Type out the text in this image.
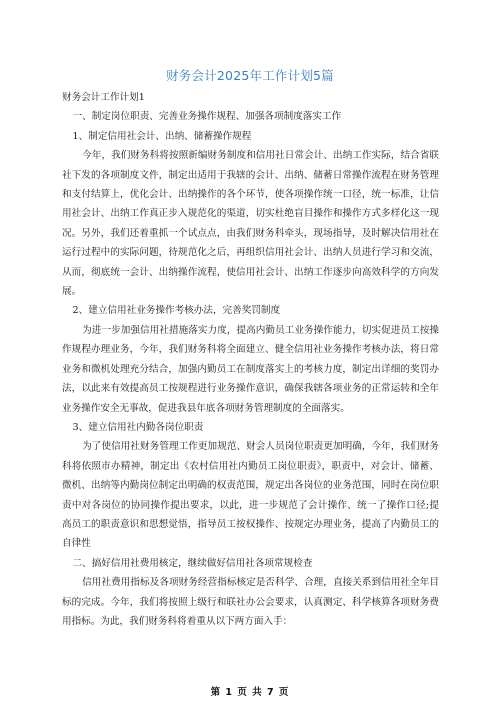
财务会计2025年工作计划5篇

财务会计工作计划1

一、制定岗位职责、完善业务操作规程、加强各项制度落实工作

1、制定信用社会计、出纳、储蓄操作规程

今年，我们财务科将按照新编财务制度和信用社日常会计、出纳工作实际，结合省联社下发的各项制度文件，制定出适用于我辖的会计、出纳、储蓄日常操作流程在财务管理和支付结算上，优化会计、出纳操作的各个环节，使各项操作统一口径，统一标准，让信用社会计、出纳工作真正步入规范化的渠道，切实杜绝盲目操作和操作方式多样化这一现况。另外，我们还着重抓一个试点点，由我们财务科牵头，现场指导，及时解决信用社在运行过程中的实际问题，待规范化之后，再组织信用社会计、出纳人员进行学习和交流，从而，彻底统一会计、出纳操作流程，使信用社会计、出纳工作逐步向高效科学的方向发展。

2、建立信用社业务操作考核办法，完善奖罚制度

为进一步加强信用社措施落实力度，提高内勤员工业务操作能力，切实促进员工按操作规程办理业务，今年，我们财务科将全面建立、健全信用社业务操作考核办法，将日常业务和微机处理充分结合，加强内勤员工在制度落实上的考核力度，制定出详细的奖罚办法，以此来有效提高员工按规程进行业务操作意识，确保我辖各项业务的正常运转和全年业务操作安全无事故，促进我县年底各项财务管理制度的全面落实。

3、建立信用社内勤各岗位职责

为了使信用社财务管理工作更加规范、财会人员岗位职责更加明确，今年，我们财务科将依照市办精神，制定出《农村信用社内勤员工岗位职责》，职责中，对会计、储蓄、微机、出纳等内勤岗位制定出明确的权责范围，规定出各岗位的业务范围，同时在岗位职责中对各岗位的协同操作提出要求，以此，进一步规范了会计操作、统一了操作口径;提高员工的职责意识和思想觉悟，指导员工按权操作、按规定办理业务，提高了内勤员工的自律性

二、搞好信用社费用核定，继续做好信用社各项常规检查

信用社费用指标及各项财务经营指标核定是否科学、合理，直接关系到信用社全年目标的完成。今年，我们将按照上级行和联社办公会要求，认真测定、科学核算各项财务费用指标。为此，我们财务科将着重从以下两方面入手：

第 1 页 共 7 页
